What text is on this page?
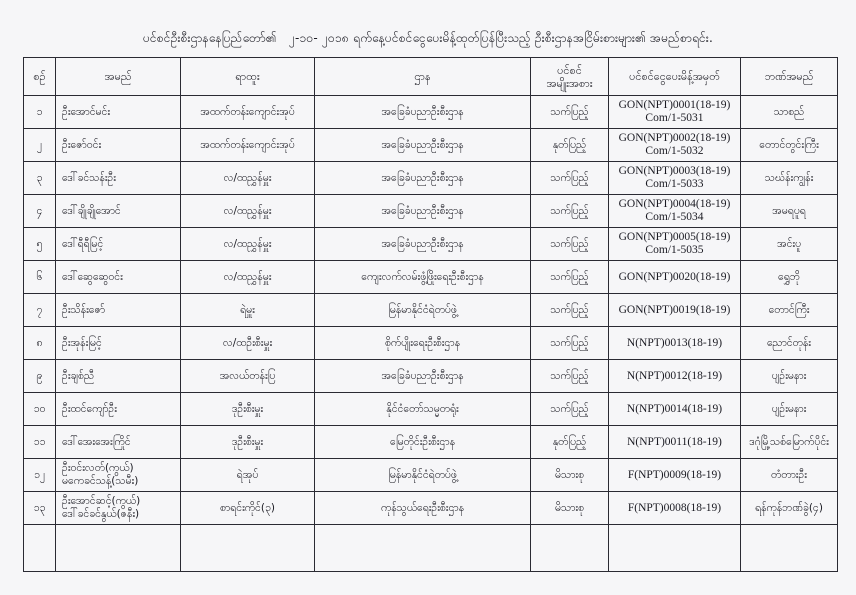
ပင်စင်ဦးစီးဌာန‌နေပြည်တော်၏ ၂-၁၀- ၂၀၁၈ ရက်နေ့ပင်စင်ငွေပေးမိန့်ထုတ်ပြန်ပြီးသည့် ဦးစီးဌာနအငြိမ်းစားများ၏ အမည်စာရင်း.
စဉ်	အမည်	ရာထူး	ဌာန	ပင်စင်
အမျိုးအစား	ပင်စင်ငွေပေးမိန့်အမှတ်	ဘဏ်အမည်

၁	ဦးအောင်မင်း	အထက်တန်းကျောင်းအုပ်	အခြေခံပညာဦးစီးဌာန	သက်ပြည့်	GON(NPT)0001(18-19)
Com/1-5031	သာစည်

၂	ဦးဇော်ဝင်း	အထက်တန်းကျောင်းအုပ်	အခြေခံပညာဦးစီးဌာန	နုတ်ပြည့်	GON(NPT)0002(18-19)
Com/1-5032	တောင်တွင်းကြီး

၃	ဒေါ်ခင်သန်းဦး	လ/ထညွှန်မှူး	အခြေခံပညာဦးစီးဌာန	သက်ပြည့်	GON(NPT)0003(18-19)
Com/1-5033	သဃ်န်းကျွန်း

၄	ဒေါ်ချိုချိုအောင်	လ/ထညွှန်မှူး	အခြေခံပညာဦးစီးဌာန	သက်ပြည့်	GON(NPT)0004(18-19)
Com/1-5034	အမရပူရ

၅	ဒေါ်ရီရီမြင့်	လ/ထညွှန်မှူး	အခြေခံပညာဦးစီးဌာန	သက်ပြည့်	GON(NPT)0005(18-19)
Com/1-5035	အင်းပူ

၆	ဒေါ်ဆွေဆွေဝင်း	လ/ထညွှန်မှူး	ကျေးလက်လမ်းဖွံ့ဖြိုးရေးဦးစီးဌာန	သက်ပြည့်	GON(NPT)0020(18-19)	ရွှေဘို

၇	ဦးသိန်းဇော်	ရဲမှူး	မြန်မာနိုင်ငံရဲတပ်ဖွဲ့	သက်ပြည့်	GON(NPT)0019(18-19)	တောင်ကြီး

၈	ဦးအုန်းမြင့်	လ/ထဦးစီးမှူး	စိုက်ပျိုးရေးဦးစီးဌာန	သက်ပြည့်	N(NPT)0013(18-19)	ညောင်တုန်း

၉	ဦးချစ်ညီ	အလယ်တန်းပြ	အခြေခံပညာဦးစီးဌာန	သက်ပြည့်	N(NPT)0012(18-19)	ပျဉ်းမနား

၁၀	ဦးထင်ကျော်ဦး	ဒုဦးစီးမှူး	နိုင်ငံတော်သမ္မတရုံး	သက်ပြည့်	N(NPT)0014(18-19)	ပျဉ်းမနား

၁၁	ဒေါ်အေးအေးကြိုင်	ဒုဦးစီးမှူး	မြေတိုင်းဦးစီးဌာန	နုတ်ပြည့်	N(NPT)0011(18-19)	ဒဂုံမြို့သစ်မြောက်ပိုင်း

၁၂	ဦးဝင်းလတ်(ကွယ်)
မကေခင်သန့်(သမီး)	ရဲအုပ်	မြန်မာနိုင်ငံရဲတပ်ဖွဲ့	မိသားစု	F(NPT)0009(18-19)	တံတားဦး

၁၃	ဦးအောင်ဆင့်(ကွယ်)
ဒေါ်ခင်ခင်နွယ်(ဇနီး)	စာရင်းကိုင်(၃)	ကုန်သွယ်ရေးဦးစီးဌာန	မိသားစု	F(NPT)0008(18-19)	ရန်ကုန်ဘဏ်ခွဲ(၄)
